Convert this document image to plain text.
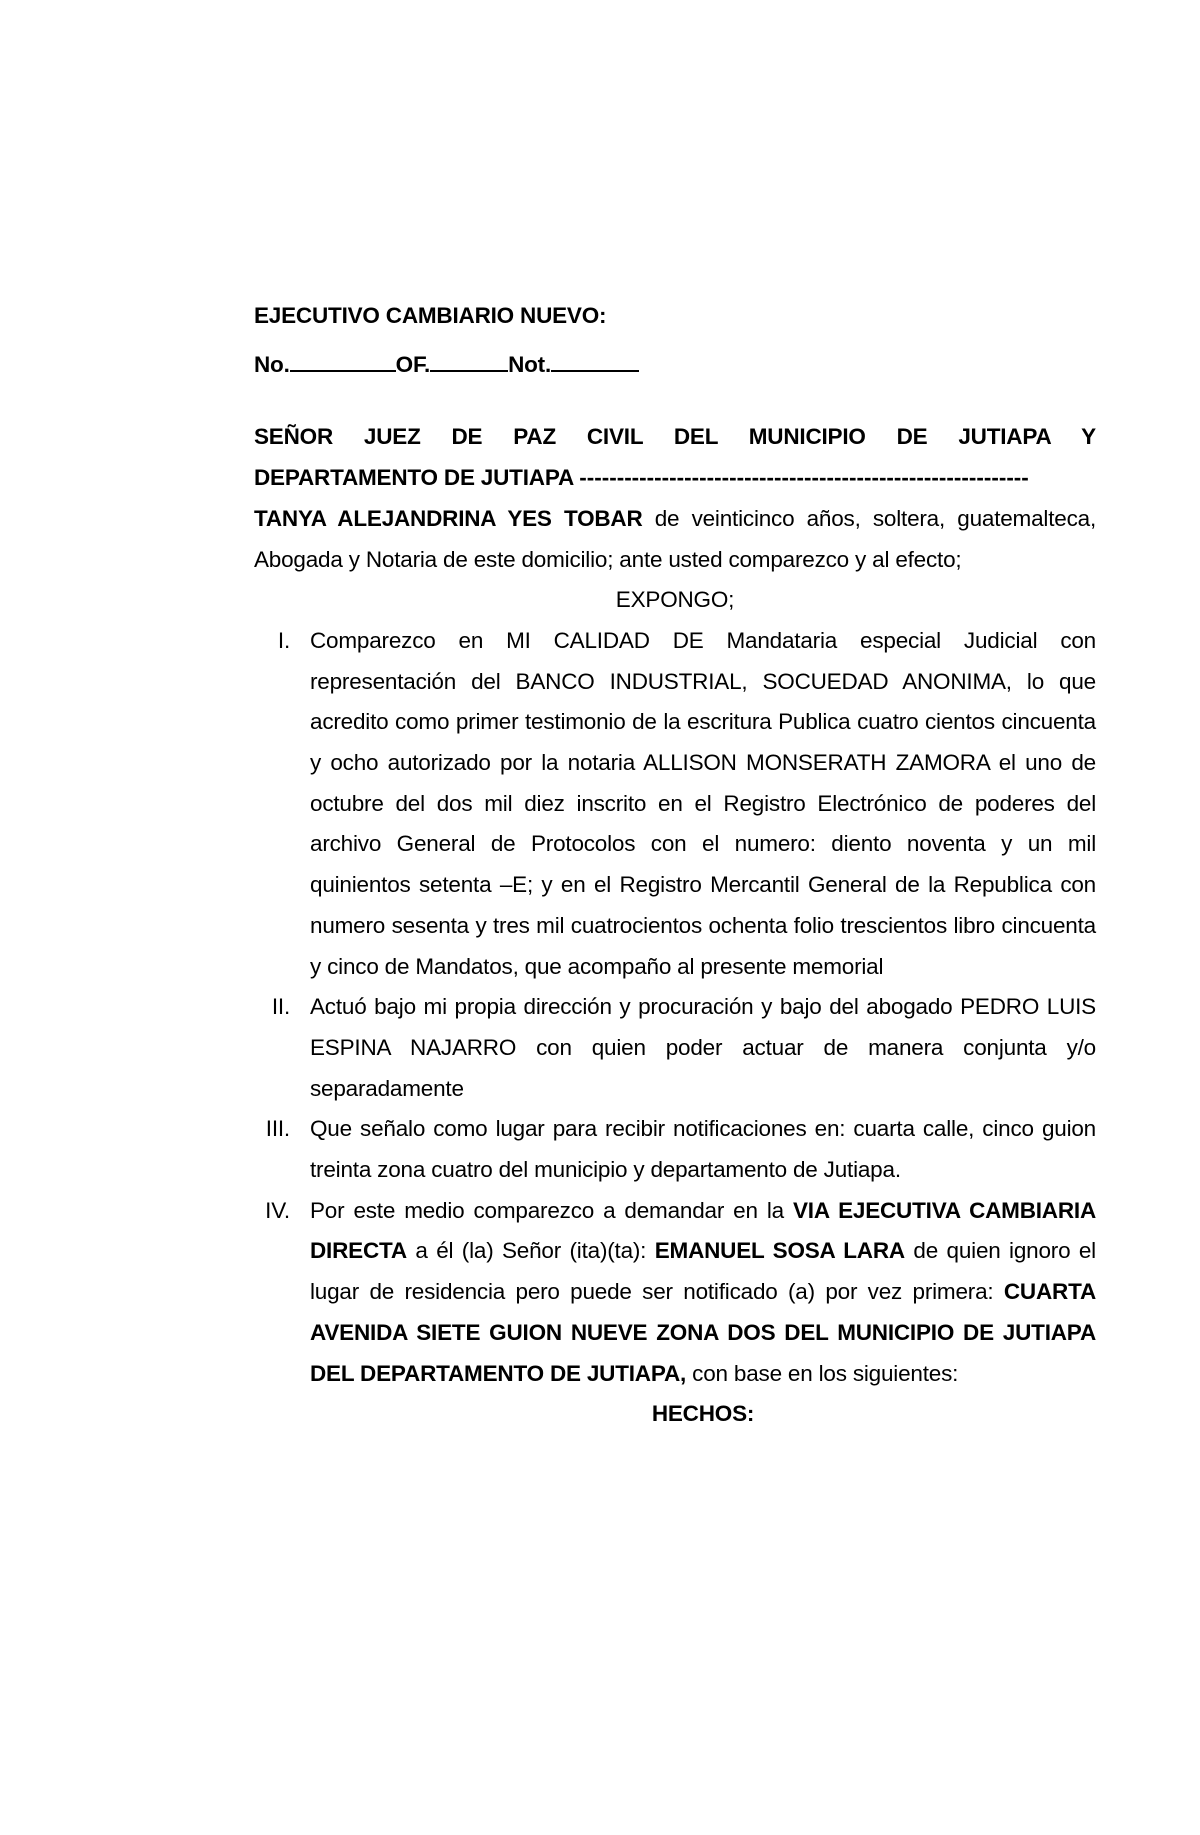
EJECUTIVO CAMBIARIO NUEVO:
No.	OF.	Not.
SEÑOR JUEZ DE PAZ CIVIL DEL MUNICIPIO DE JUTIAPA Y
DEPARTAMENTO DE JUTIAPA ------------------------------------------------------------
TANYA ALEJANDRINA YES TOBAR de veinticinco años, soltera, guatemalteca, Abogada y Notaria de este domicilio; ante usted comparezco y al efecto;
EXPONGO;
I. Comparezco en MI CALIDAD DE Mandataria especial Judicial con representación del BANCO INDUSTRIAL, SOCUEDAD ANONIMA, lo que acredito como primer testimonio de la escritura Publica cuatro cientos cincuenta y ocho autorizado por la notaria ALLISON MONSERATH ZAMORA el uno de octubre del dos mil diez inscrito en el Registro Electrónico de poderes del archivo General de Protocolos con el numero: diento noventa y un mil quinientos setenta –E; y en el Registro Mercantil General de la Republica con numero sesenta y tres mil cuatrocientos ochenta folio trescientos libro cincuenta y cinco de Mandatos, que acompaño al presente memorial
II. Actuó bajo mi propia dirección y procuración y bajo del abogado PEDRO LUIS ESPINA NAJARRO con quien poder actuar de manera conjunta y/o separadamente
III. Que señalo como lugar para recibir notificaciones en: cuarta calle, cinco guion treinta zona cuatro del municipio y departamento de Jutiapa.
IV. Por este medio comparezco a demandar en la VIA EJECUTIVA CAMBIARIA DIRECTA a él (la) Señor (ita)(ta): EMANUEL SOSA LARA de quien ignoro el lugar de residencia pero puede ser notificado (a) por vez primera: CUARTA AVENIDA SIETE GUION NUEVE ZONA DOS DEL MUNICIPIO DE JUTIAPA DEL DEPARTAMENTO DE JUTIAPA, con base en los siguientes:
HECHOS:
